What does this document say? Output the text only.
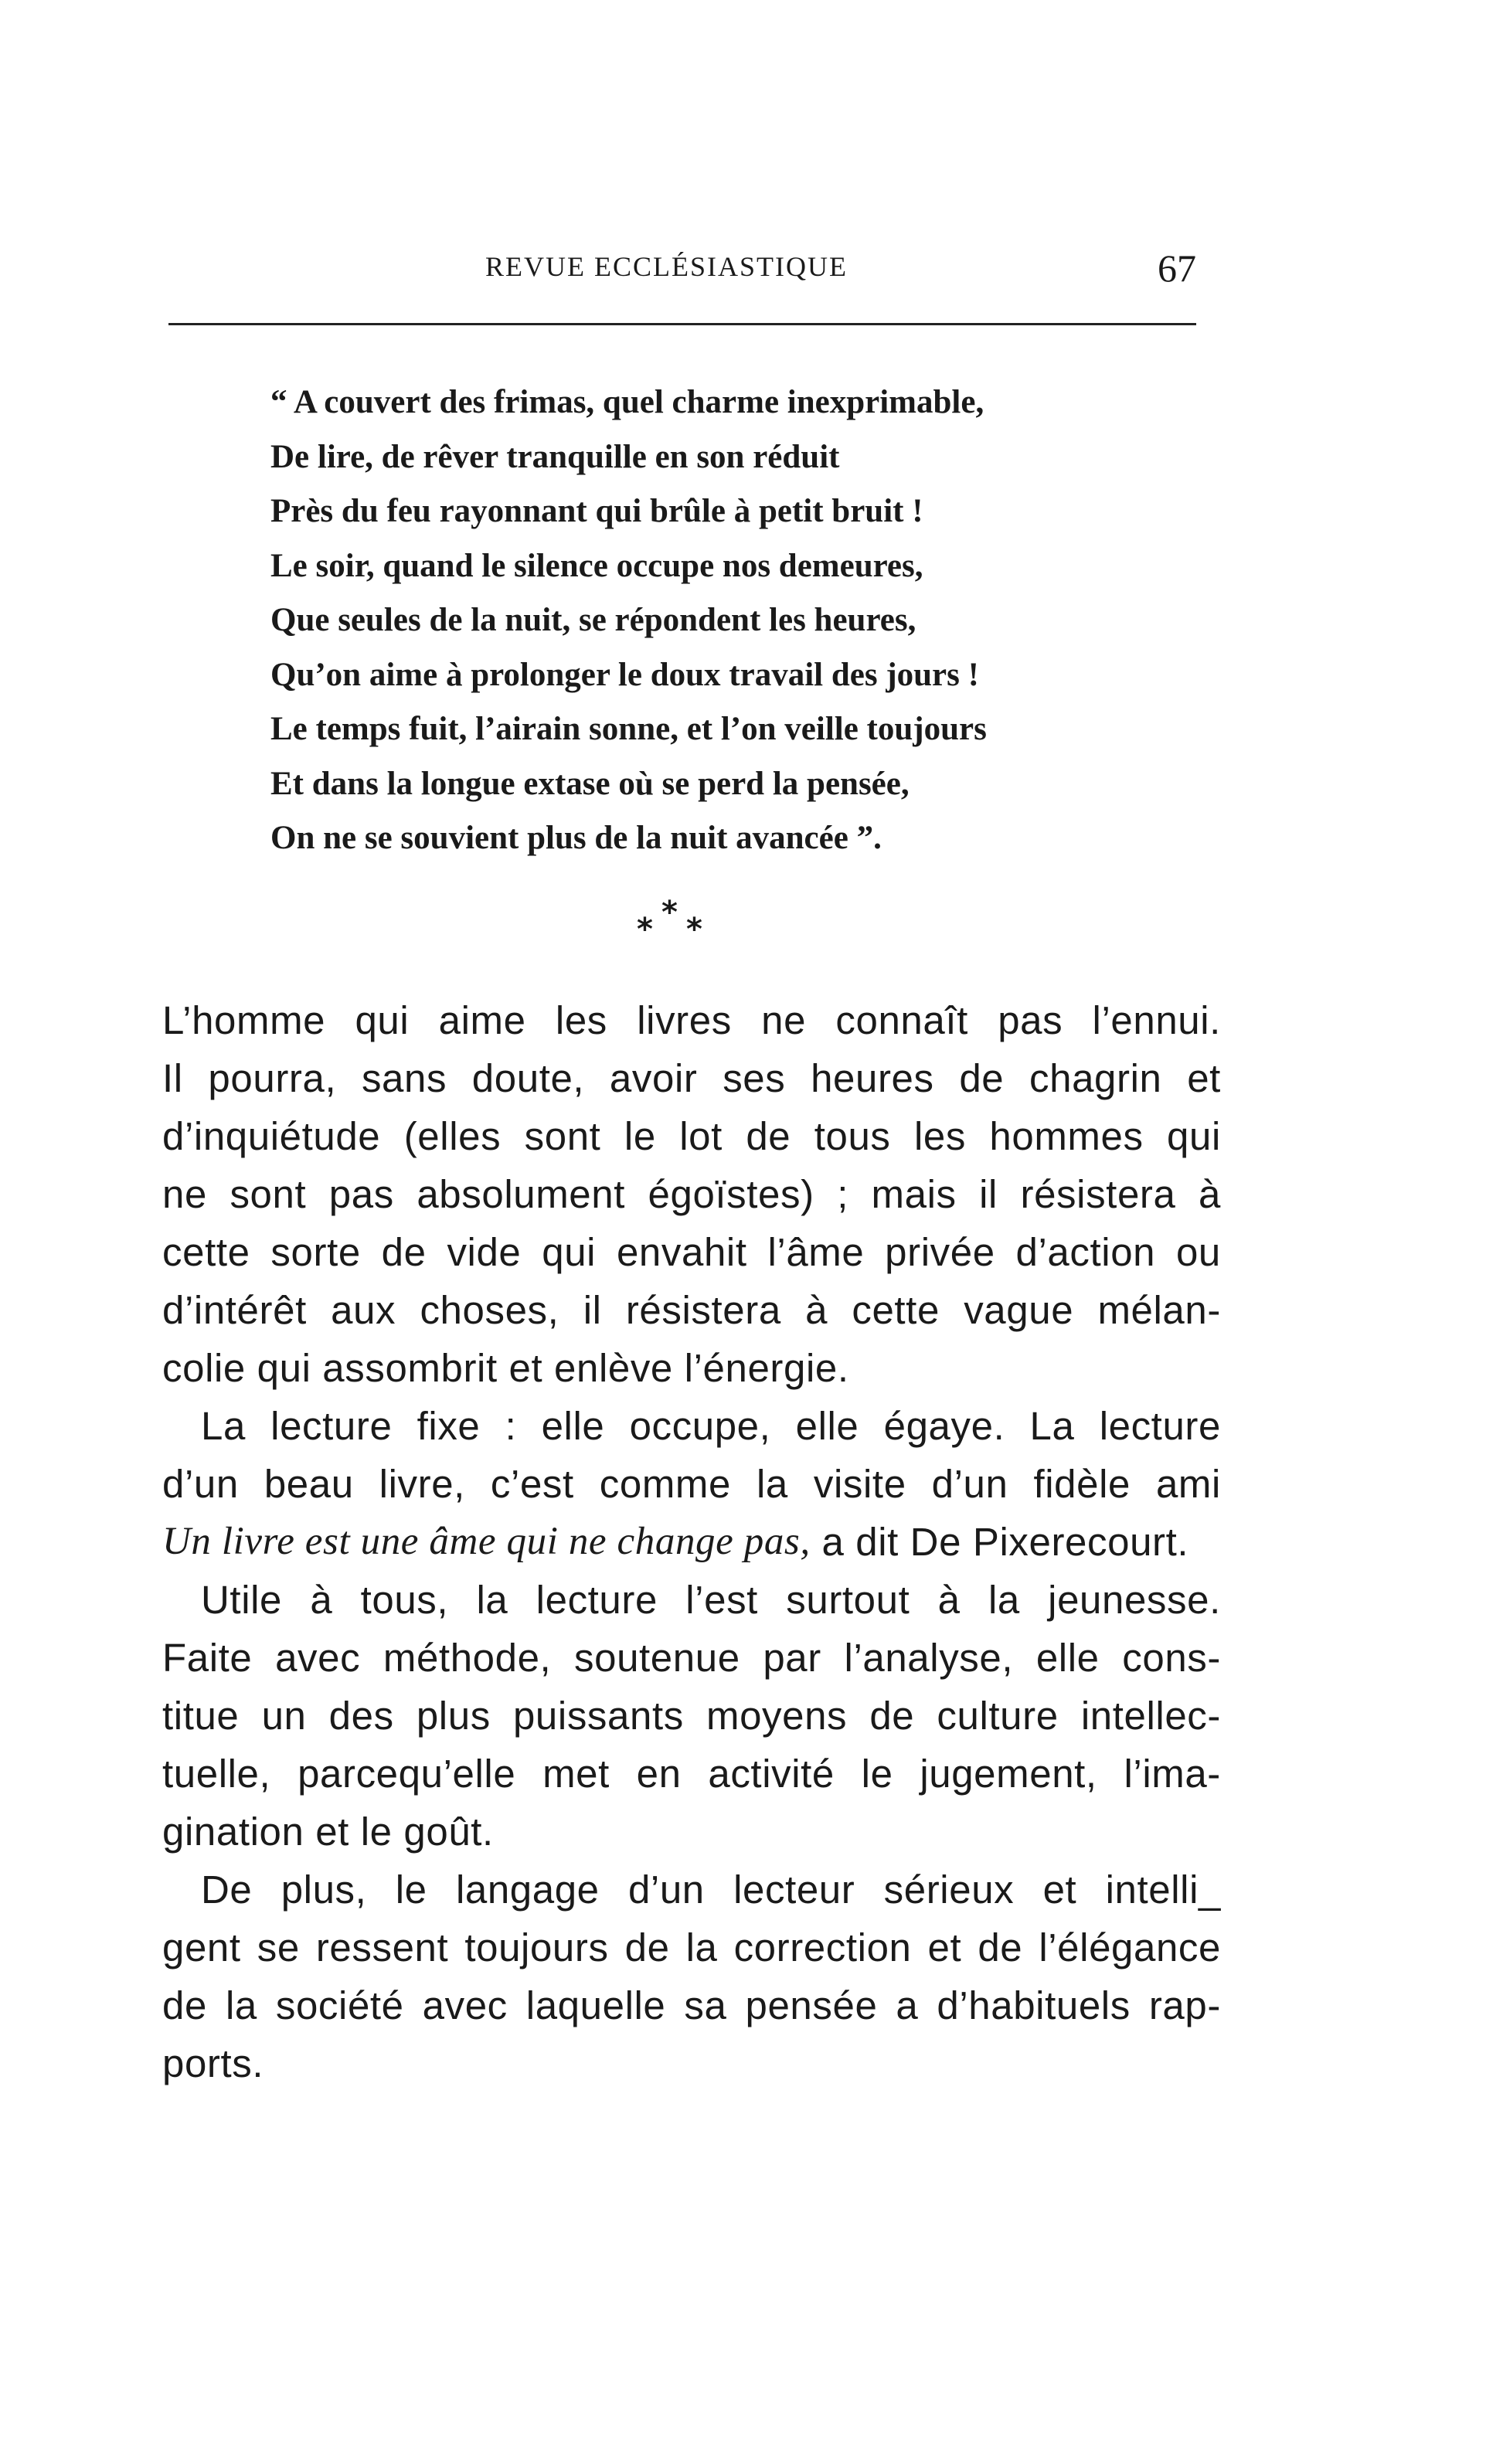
REVUE ECCLÉSIASTIQUE	67
“ A couvert des frimas, quel charme inexprimable,
De lire, de rêver tranquille en son réduit
Près du feu rayonnant qui brûle à petit bruit !
Le soir, quand le silence occupe nos demeures,
Que seules de la nuit, se répondent les heures,
Qu’on aime à prolonger le doux travail des jours !
Le temps fuit, l’airain sonne, et l’on veille toujours
Et dans la longue extase où se perd la pensée,
On ne se souvient plus de la nuit avancée ”.
*
* *
L’homme qui aime les livres ne connaît pas l’ennui.
Il pourra, sans doute, avoir ses heures de chagrin et
d’inquiétude (elles sont le lot de tous les hommes qui
ne sont pas absolument égoïstes) ; mais il résistera à
cette sorte de vide qui envahit l’âme privée d’action ou
d’intérêt aux choses, il résistera à cette vague mélan-
colie qui assombrit et enlève l’énergie.
La lecture fixe : elle occupe, elle égaye. La lecture
d’un beau livre, c’est comme la visite d’un fidèle ami
Un livre est une âme qui ne change pas,
a dit De Pixerecourt.
Utile à tous, la lecture l’est surtout à la jeunesse.
Faite avec méthode, soutenue par l’analyse, elle cons-
titue un des plus puissants moyens de culture intellec-
tuelle, parcequ’elle met en activité le jugement, l’ima-
gination et le goût.
De plus, le langage d’un lecteur sérieux et intelli_
gent se ressent toujours de la correction et de l’élégance
de la société avec laquelle sa pensée a d’habituels rap-
ports.
